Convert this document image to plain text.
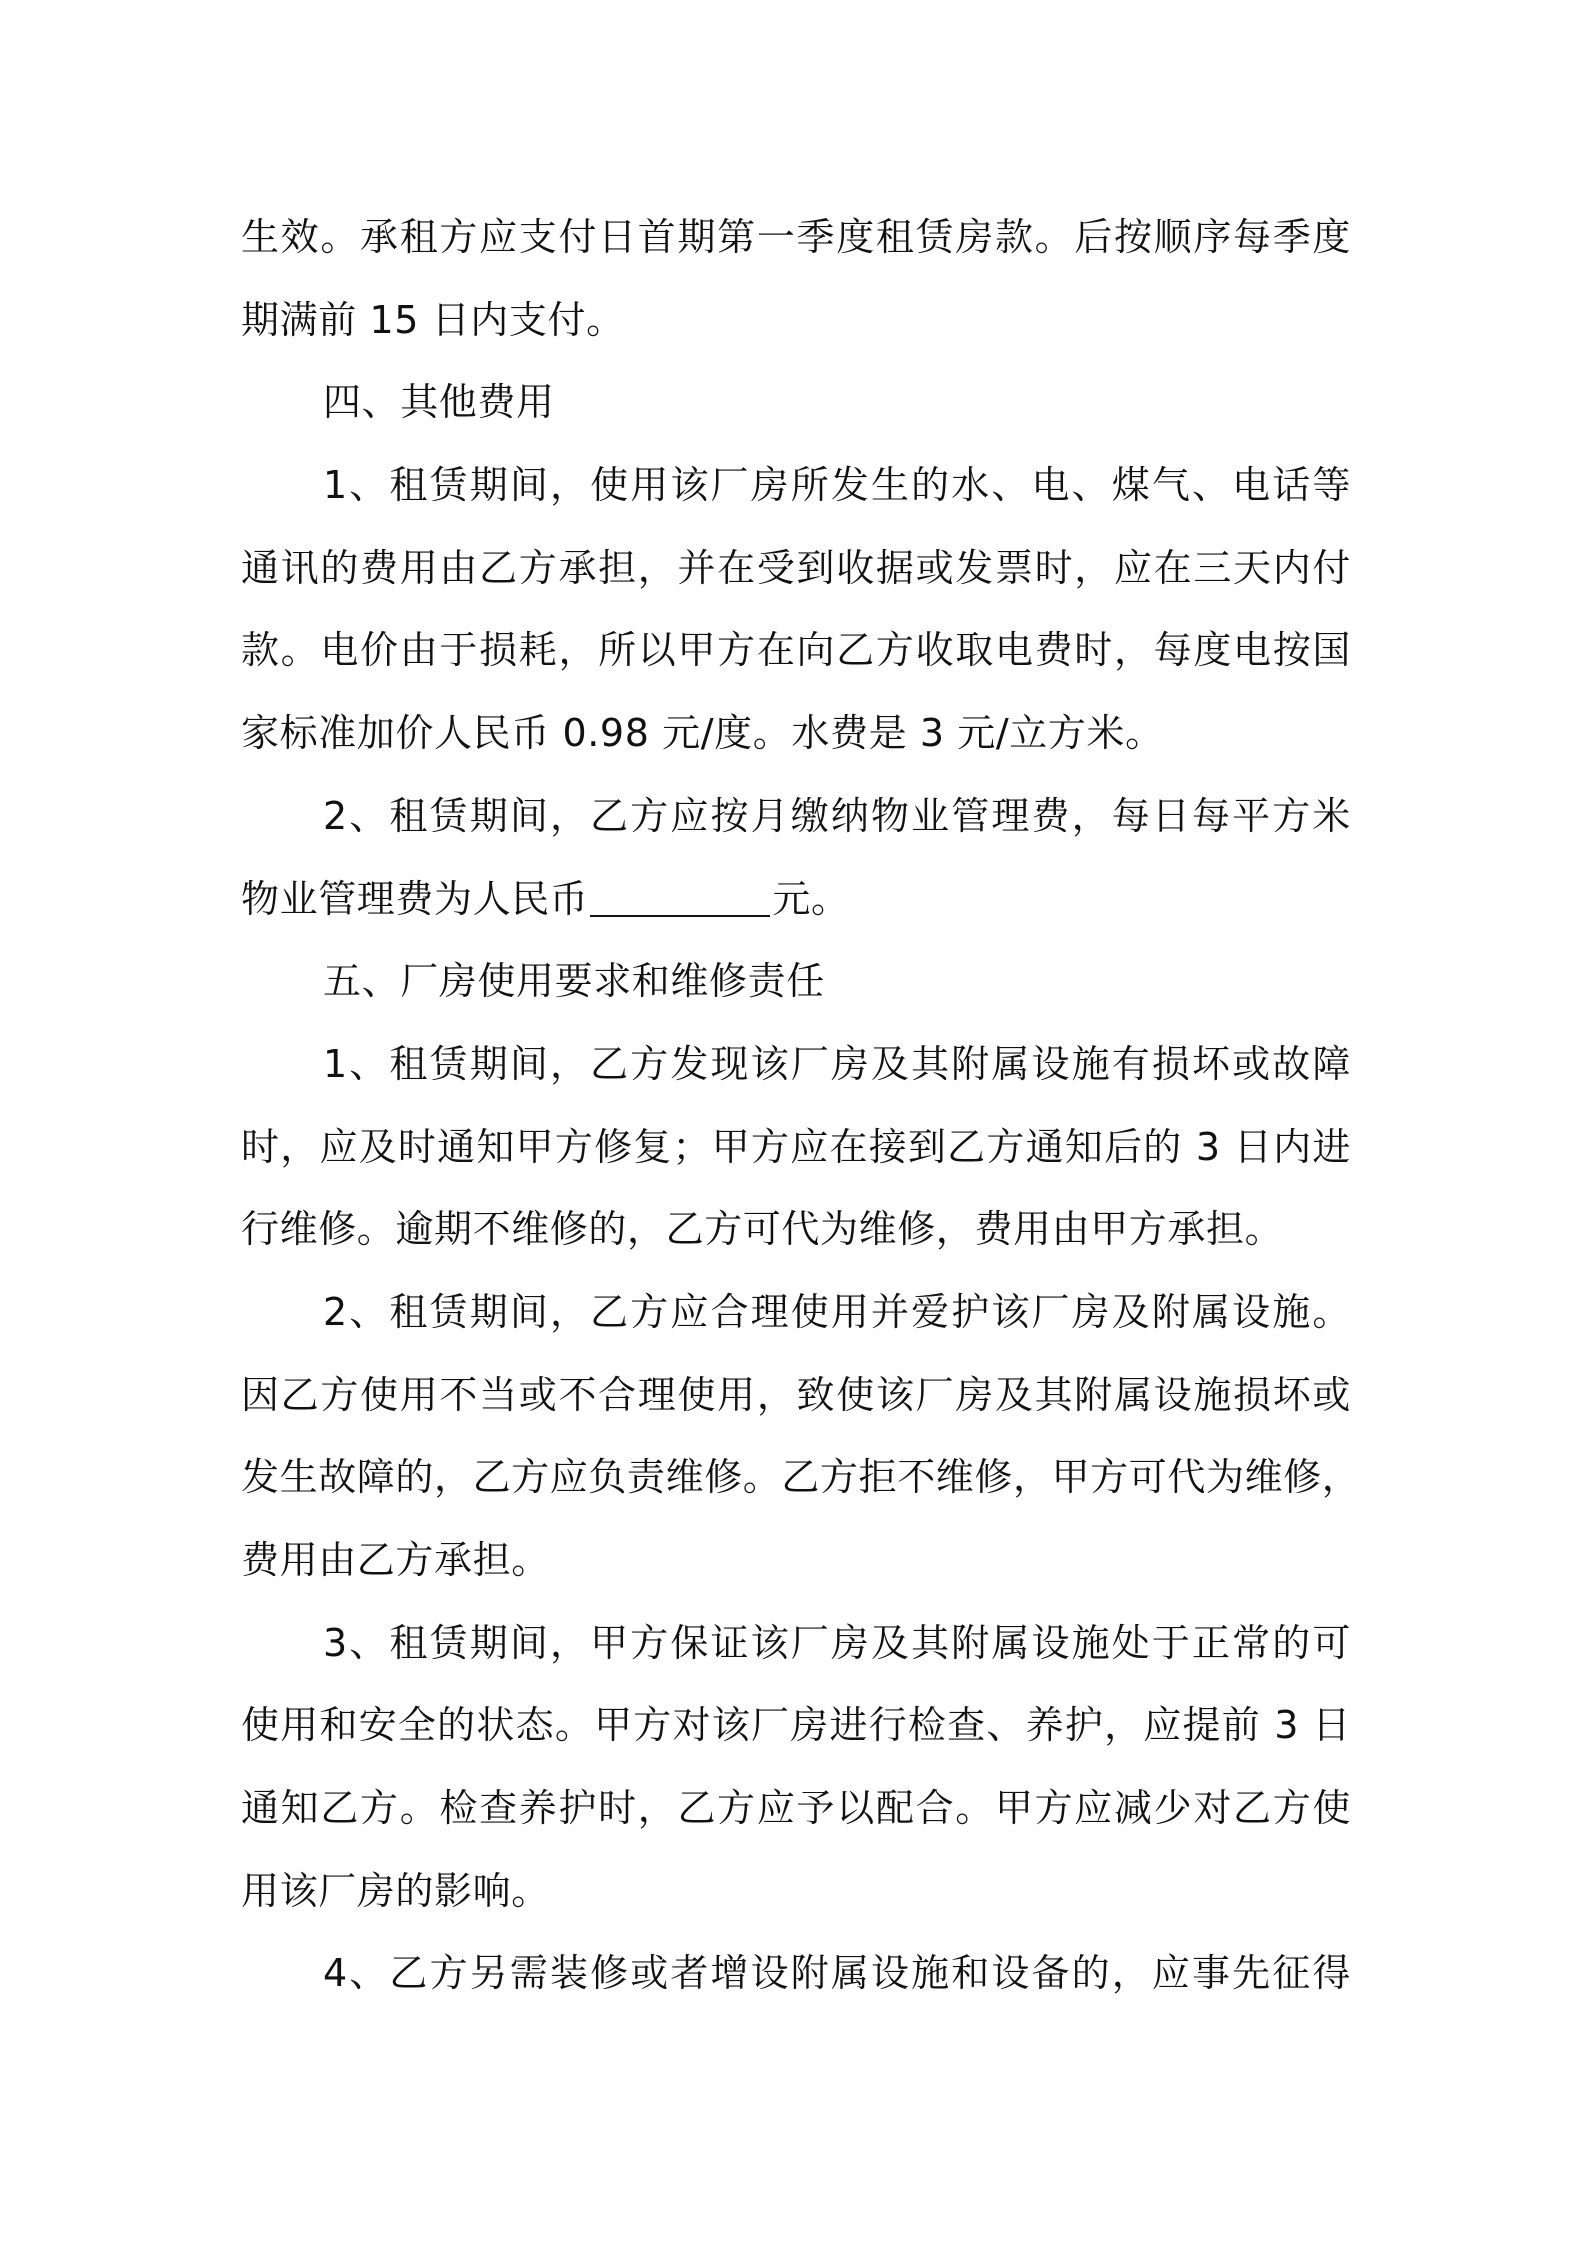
生效。承租方应支付日首期第一季度租赁房款。后按顺序每季度
期满前 15 日内支付。
四、其他费用
1、租赁期间，使用该厂房所发生的水、电、煤气、电话等
通讯的费用由乙方承担，并在受到收据或发票时，应在三天内付
款。电价由于损耗，所以甲方在向乙方收取电费时，每度电按国
家标准加价人民币 0.98 元/度。水费是 3 元/立方米。
2、租赁期间，乙方应按月缴纳物业管理费，每日每平方米
物业管理费为人民币	元。
五、厂房使用要求和维修责任
1、租赁期间，乙方发现该厂房及其附属设施有损坏或故障
时，应及时通知甲方修复；甲方应在接到乙方通知后的 3 日内进
行维修。逾期不维修的，乙方可代为维修，费用由甲方承担。
2、租赁期间，乙方应合理使用并爱护该厂房及附属设施。
因乙方使用不当或不合理使用，致使该厂房及其附属设施损坏或
发生故障的，乙方应负责维修。乙方拒不维修，甲方可代为维修，
费用由乙方承担。
3、租赁期间，甲方保证该厂房及其附属设施处于正常的可
使用和安全的状态。甲方对该厂房进行检查、养护，应提前 3 日
通知乙方。检查养护时，乙方应予以配合。甲方应减少对乙方使
用该厂房的影响。
4、乙方另需装修或者增设附属设施和设备的，应事先征得
